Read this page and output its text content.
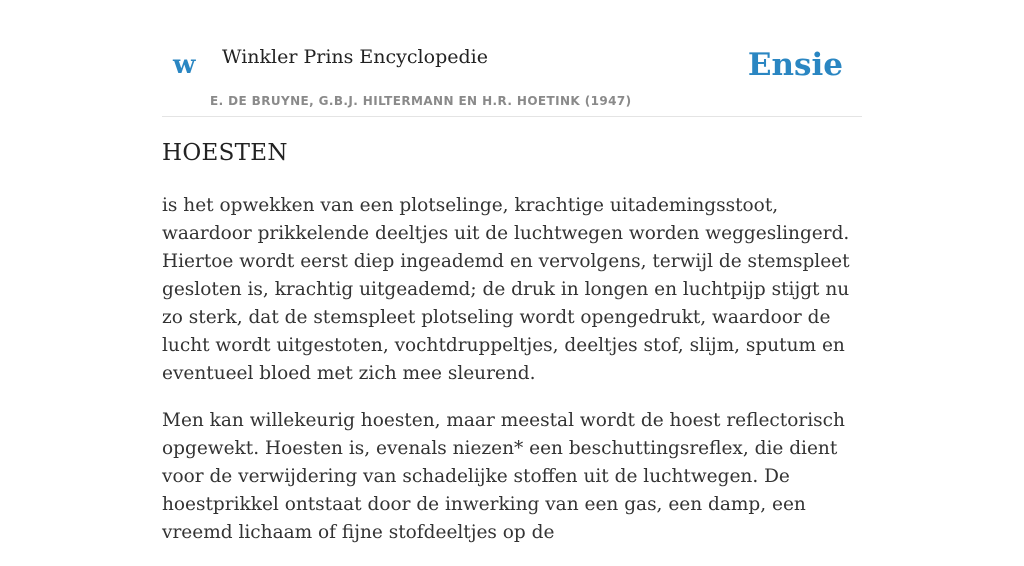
w Winkler Prins Encyclopedie
E. DE BRUYNE, G.B.J. HILTERMANN EN H.R. HOETINK (1947)
Ensie
HOESTEN

is het opwekken van een plotselinge, krachtige uitademingsstoot, waardoor prikkelende deeltjes uit de luchtwegen worden weggeslingerd. Hiertoe wordt eerst diep ingeademd en vervolgens, terwijl de stemspleet gesloten is, krachtig uitgeademd; de druk in longen en luchtpijp stijgt nu zo sterk, dat de stemspleet plotseling wordt opengedrukt, waardoor de lucht wordt uitgestoten, vochtdruppeltjes, deeltjes stof, slijm, sputum en eventueel bloed met zich mee sleurend.

Men kan willekeurig hoesten, maar meestal wordt de hoest reflectorisch opgewekt. Hoesten is, evenals niezen* een beschuttingsreflex, die dient voor de verwijdering van schadelijke stoffen uit de luchtwegen. De hoestprikkel ontstaat door de inwerking van een gas, een damp, een vreemd lichaam of fijne stofdeeltjes op de
